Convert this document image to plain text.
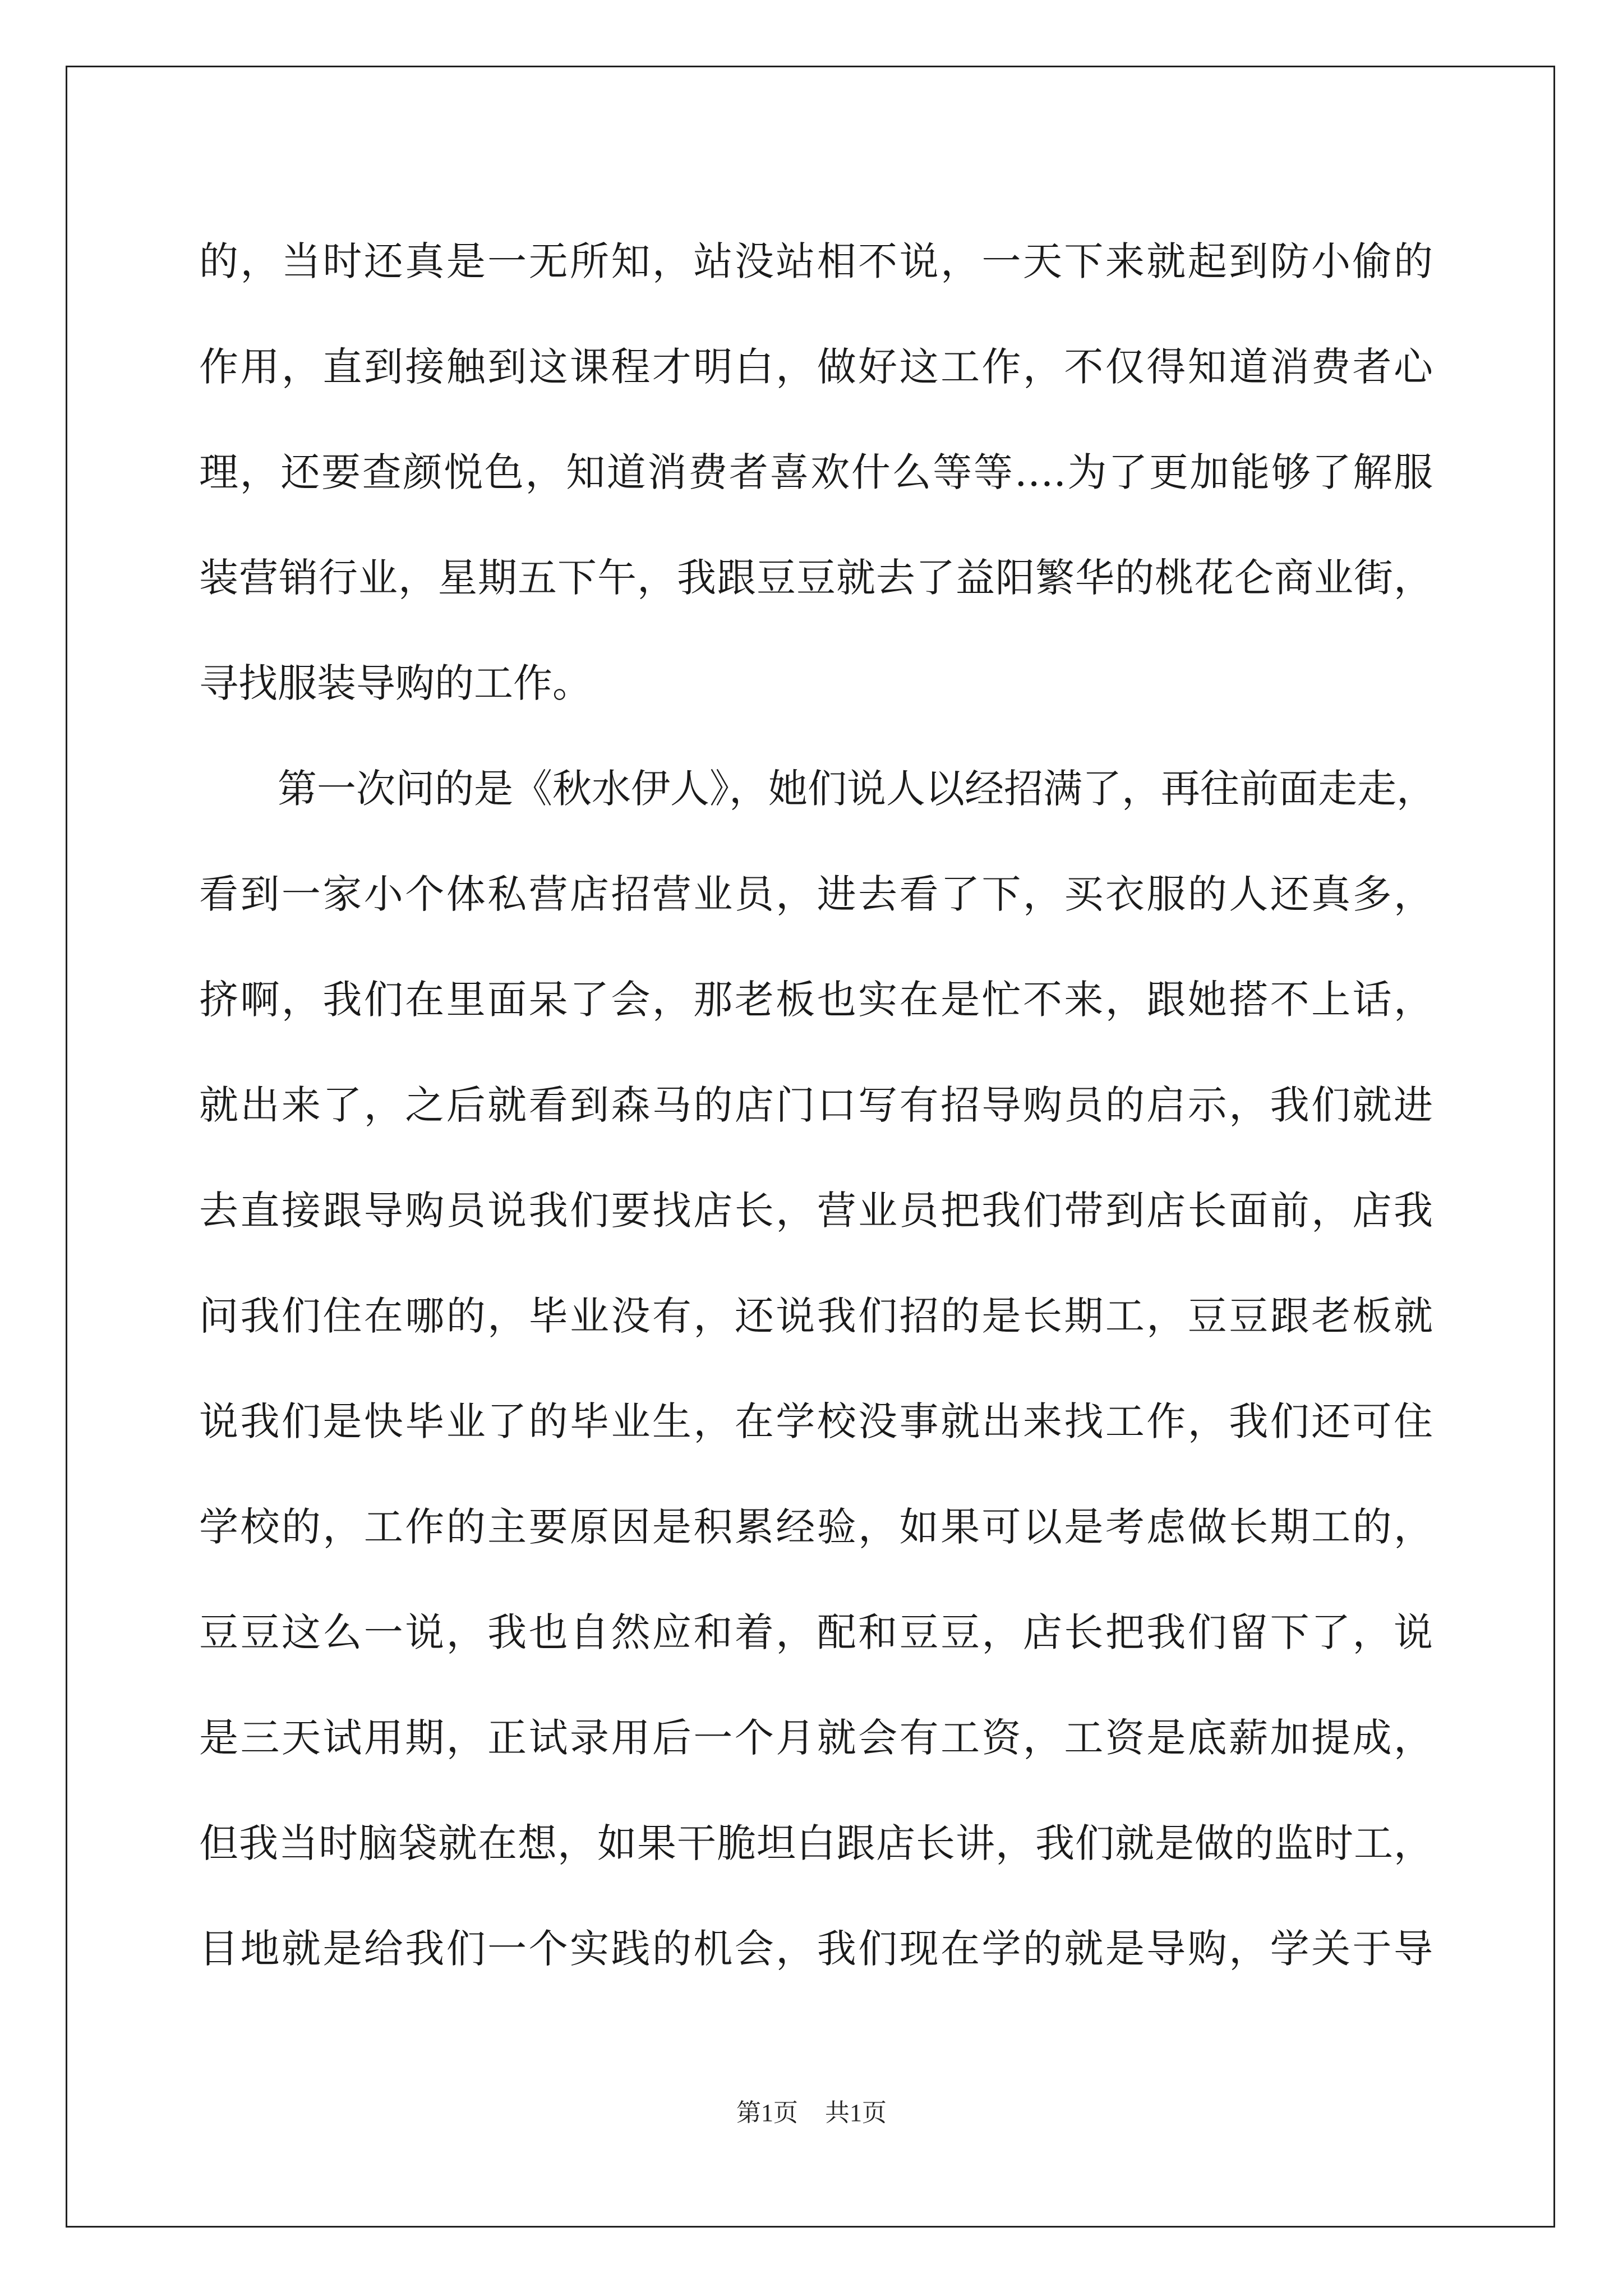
的，当时还真是一无所知，站没站相不说，一天下来就起到防小偷的
作用，直到接触到这课程才明白，做好这工作，不仅得知道消费者心
理，还要查颜悦色，知道消费者喜欢什么等等….为了更加能够了解服
装营销行业，星期五下午，我跟豆豆就去了益阳繁华的桃花仑商业街，
寻找服装导购的工作。
第一次问的是《秋水伊人》，她们说人以经招满了，再往前面走走，
看到一家小个体私营店招营业员，进去看了下，买衣服的人还真多，
挤啊，我们在里面呆了会，那老板也实在是忙不来，跟她搭不上话，
就出来了，之后就看到森马的店门口写有招导购员的启示，我们就进
去直接跟导购员说我们要找店长，营业员把我们带到店长面前，店我
问我们住在哪的，毕业没有，还说我们招的是长期工，豆豆跟老板就
说我们是快毕业了的毕业生，在学校没事就出来找工作，我们还可住
学校的，工作的主要原因是积累经验，如果可以是考虑做长期工的，
豆豆这么一说，我也自然应和着，配和豆豆，店长把我们留下了，说
是三天试用期，正试录用后一个月就会有工资，工资是底薪加提成，
但我当时脑袋就在想，如果干脆坦白跟店长讲，我们就是做的监时工，
目地就是给我们一个实践的机会，我们现在学的就是导购，学关于导
第1页 共1页
